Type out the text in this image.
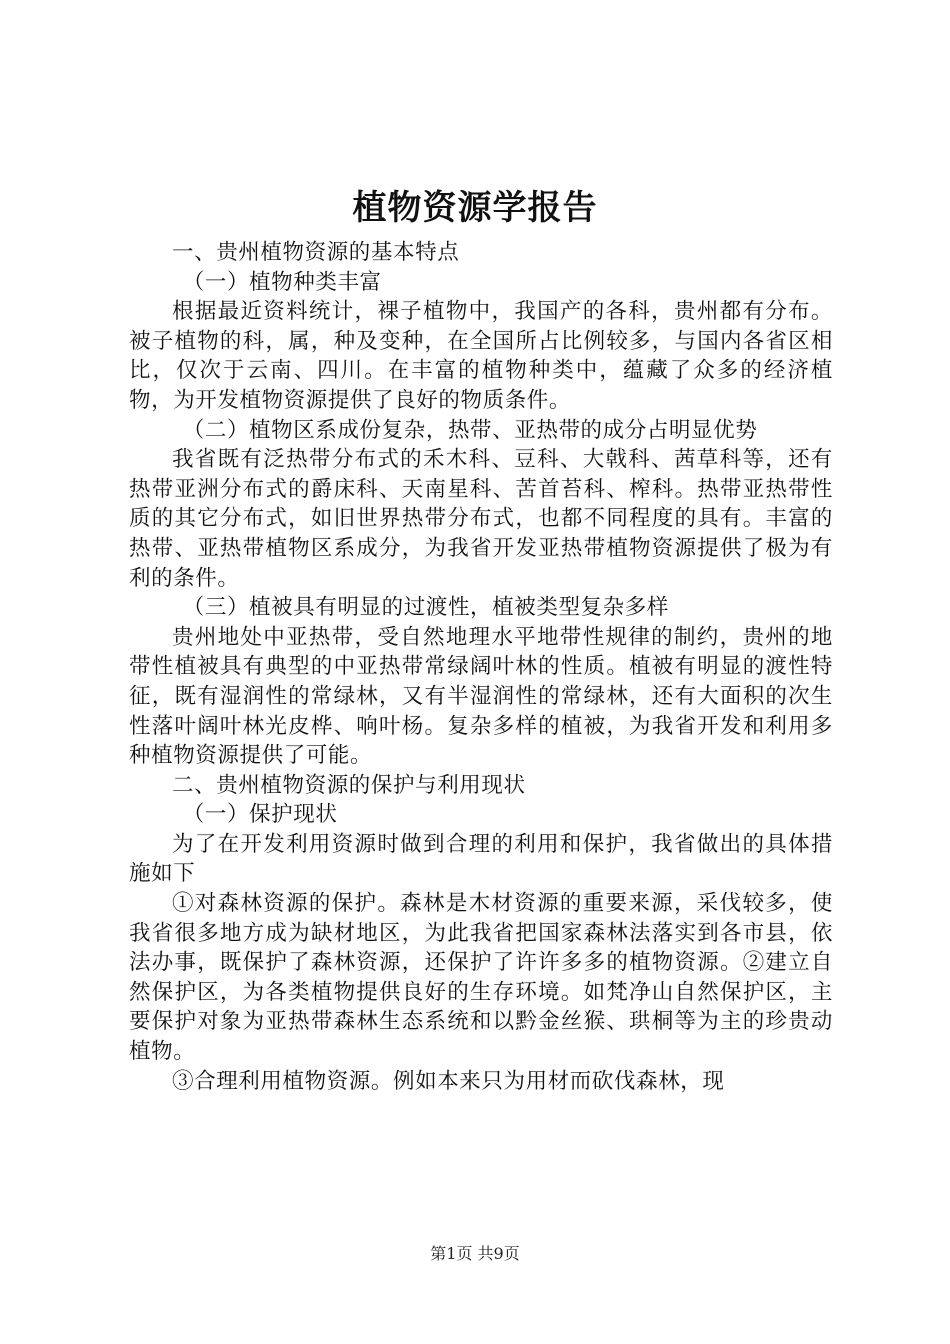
植物资源学报告

一、贵州植物资源的基本特点

（一）植物种类丰富

根据最近资料统计，裸子植物中，我国产的各科，贵州都有分布。被子植物的科，属，种及变种，在全国所占比例较多，与国内各省区相比，仅次于云南、四川。在丰富的植物种类中，蕴藏了众多的经济植物，为开发植物资源提供了良好的物质条件。

（二）植物区系成份复杂，热带、亚热带的成分占明显优势

我省既有泛热带分布式的禾木科、豆科、大戟科、茜草科等，还有热带亚洲分布式的爵床科、天南星科、苦首苔科、榨科。热带亚热带性质的其它分布式，如旧世界热带分布式，也都不同程度的具有。丰富的热带、亚热带植物区系成分，为我省开发亚热带植物资源提供了极为有利的条件。

（三）植被具有明显的过渡性，植被类型复杂多样

贵州地处中亚热带，受自然地理水平地带性规律的制约，贵州的地带性植被具有典型的中亚热带常绿阔叶林的性质。植被有明显的渡性特征，既有湿润性的常绿林，又有半湿润性的常绿林，还有大面积的次生性落叶阔叶林光皮桦、响叶杨。复杂多样的植被，为我省开发和利用多种植物资源提供了可能。

二、贵州植物资源的保护与利用现状

（一）保护现状

为了在开发利用资源时做到合理的利用和保护，我省做出的具体措施如下

①对森林资源的保护。森林是木材资源的重要来源，采伐较多，使我省很多地方成为缺材地区，为此我省把国家森林法落实到各市县，依法办事，既保护了森林资源，还保护了许许多多的植物资源。②建立自然保护区，为各类植物提供良好的生存环境。如梵净山自然保护区，主要保护对象为亚热带森林生态系统和以黔金丝猴、珙桐等为主的珍贵动植物。

③合理利用植物资源。例如本来只为用材而砍伐森林，现

第1页 共9页
